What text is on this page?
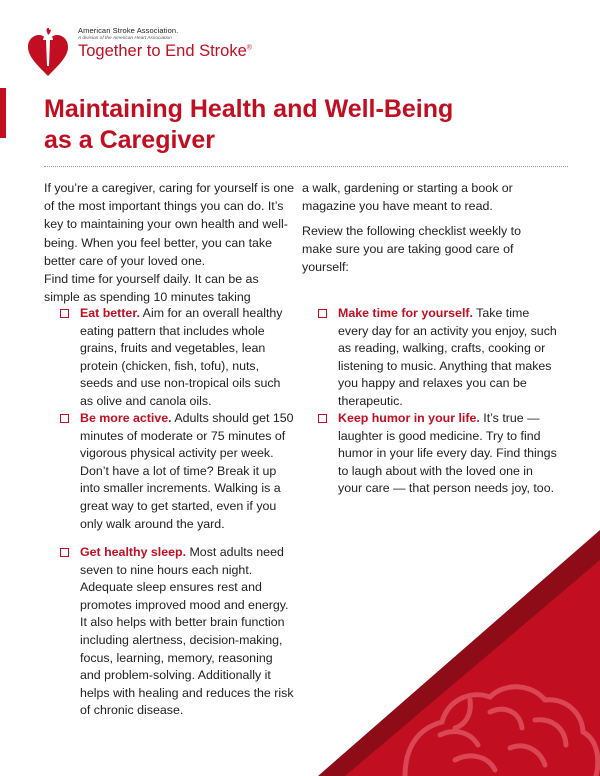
American Stroke Association.
A division of the American Heart Association
Together to End Stroke®
Maintaining Health and Well-Being
as a Caregiver

If you’re a caregiver, caring for yourself is one of the most important things you can do. It’s key to maintaining your own health and well-being. When you feel better, you can take better care of your loved one.

Find time for yourself daily. It can be as simple as spending 10 minutes taking

a walk, gardening or starting a book or magazine you have meant to read.

Review the following checklist weekly to make sure you are taking good care of yourself:

Eat better. Aim for an overall healthy eating pattern that includes whole grains, fruits and vegetables, lean protein (chicken, fish, tofu), nuts, seeds and use non-tropical oils such as olive and canola oils.
Be more active. Adults should get 150 minutes of moderate or 75 minutes of vigorous physical activity per week. Don’t have a lot of time? Break it up into smaller increments. Walking is a great way to get started, even if you only walk around the yard.
Get healthy sleep. Most adults need seven to nine hours each night. Adequate sleep ensures rest and promotes improved mood and energy. It also helps with better brain function including alertness, decision-making, focus, learning, memory, reasoning and problem-solving. Additionally it helps with healing and reduces the risk of chronic disease.
Make time for yourself. Take time every day for an activity you enjoy, such as reading, walking, crafts, cooking or listening to music. Anything that makes you happy and relaxes you can be therapeutic.
Keep humor in your life. It’s true — laughter is good medicine. Try to find humor in your life every day. Find things to laugh about with the loved one in your care — that person needs joy, too.
